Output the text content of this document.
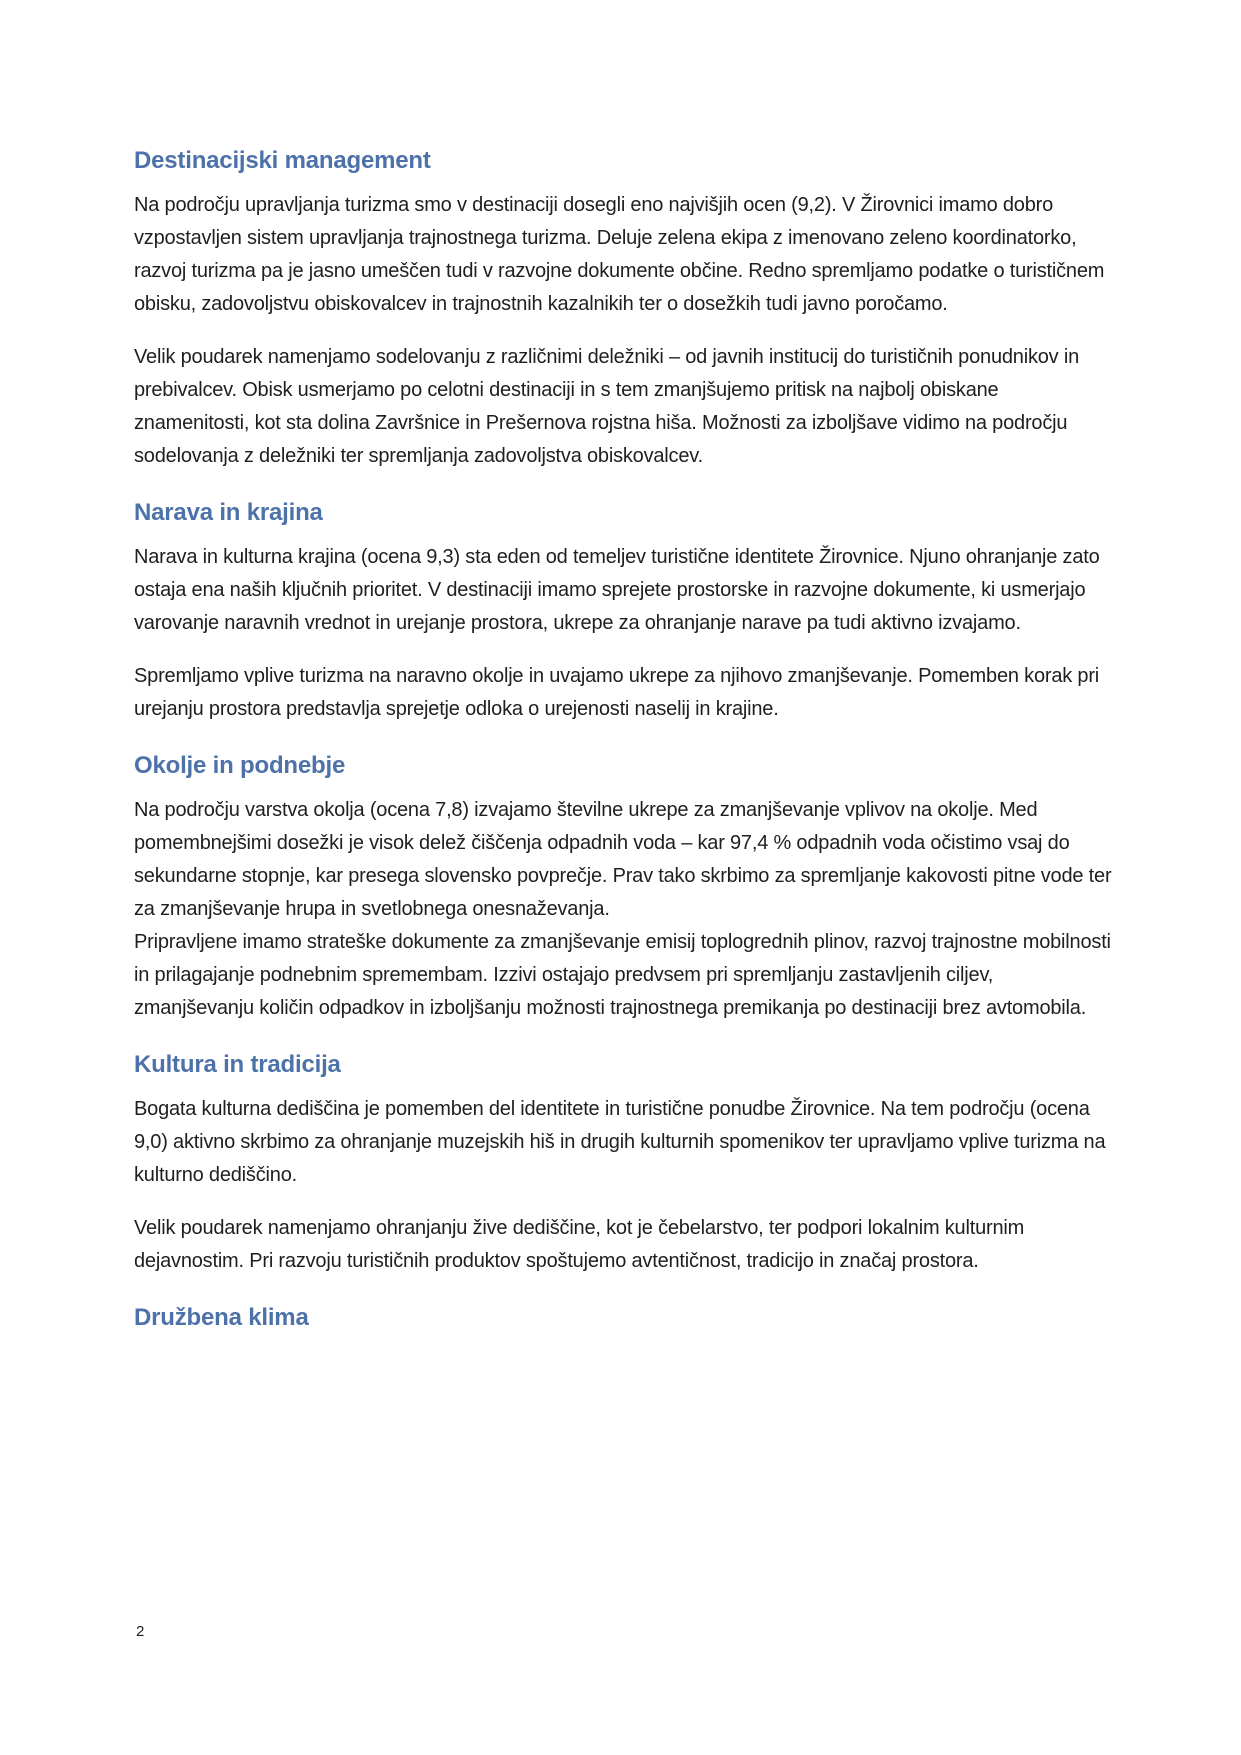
Destinacijski management

Na področju upravljanja turizma smo v destinaciji dosegli eno najvišjih ocen (9,2). V Žirovnici imamo dobro vzpostavljen sistem upravljanja trajnostnega turizma. Deluje zelena ekipa z imenovano zeleno koordinatorko, razvoj turizma pa je jasno umeščen tudi v razvojne dokumente občine. Redno spremljamo podatke o turističnem obisku, zadovoljstvu obiskovalcev in trajnostnih kazalnikih ter o dosežkih tudi javno poročamo.

Velik poudarek namenjamo sodelovanju z različnimi deležniki – od javnih institucij do turističnih ponudnikov in prebivalcev. Obisk usmerjamo po celotni destinaciji in s tem zmanjšujemo pritisk na najbolj obiskane znamenitosti, kot sta dolina Završnice in Prešernova rojstna hiša. Možnosti za izboljšave vidimo na področju sodelovanja z deležniki ter spremljanja zadovoljstva obiskovalcev.

Narava in krajina

Narava in kulturna krajina (ocena 9,3) sta eden od temeljev turistične identitete Žirovnice. Njuno ohranjanje zato ostaja ena naših ključnih prioritet. V destinaciji imamo sprejete prostorske in razvojne dokumente, ki usmerjajo varovanje naravnih vrednot in urejanje prostora, ukrepe za ohranjanje narave pa tudi aktivno izvajamo.

Spremljamo vplive turizma na naravno okolje in uvajamo ukrepe za njihovo zmanjševanje. Pomemben korak pri urejanju prostora predstavlja sprejetje odloka o urejenosti naselij in krajine.

Okolje in podnebje

Na področju varstva okolja (ocena 7,8) izvajamo številne ukrepe za zmanjševanje vplivov na okolje. Med pomembnejšimi dosežki je visok delež čiščenja odpadnih voda – kar 97,4 % odpadnih voda očistimo vsaj do sekundarne stopnje, kar presega slovensko povprečje. Prav tako skrbimo za spremljanje kakovosti pitne vode ter za zmanjševanje hrupa in svetlobnega onesnaževanja.

Pripravljene imamo strateške dokumente za zmanjševanje emisij toplogrednih plinov, razvoj trajnostne mobilnosti in prilagajanje podnebnim spremembam. Izzivi ostajajo predvsem pri spremljanju zastavljenih ciljev, zmanjševanju količin odpadkov in izboljšanju možnosti trajnostnega premikanja po destinaciji brez avtomobila.

Kultura in tradicija

Bogata kulturna dediščina je pomemben del identitete in turistične ponudbe Žirovnice. Na tem področju (ocena 9,0) aktivno skrbimo za ohranjanje muzejskih hiš in drugih kulturnih spomenikov ter upravljamo vplive turizma na kulturno dediščino.

Velik poudarek namenjamo ohranjanju žive dediščine, kot je čebelarstvo, ter podpori lokalnim kulturnim dejavnostim. Pri razvoju turističnih produktov spoštujemo avtentičnost, tradicijo in značaj prostora.

Družbena klima
2
